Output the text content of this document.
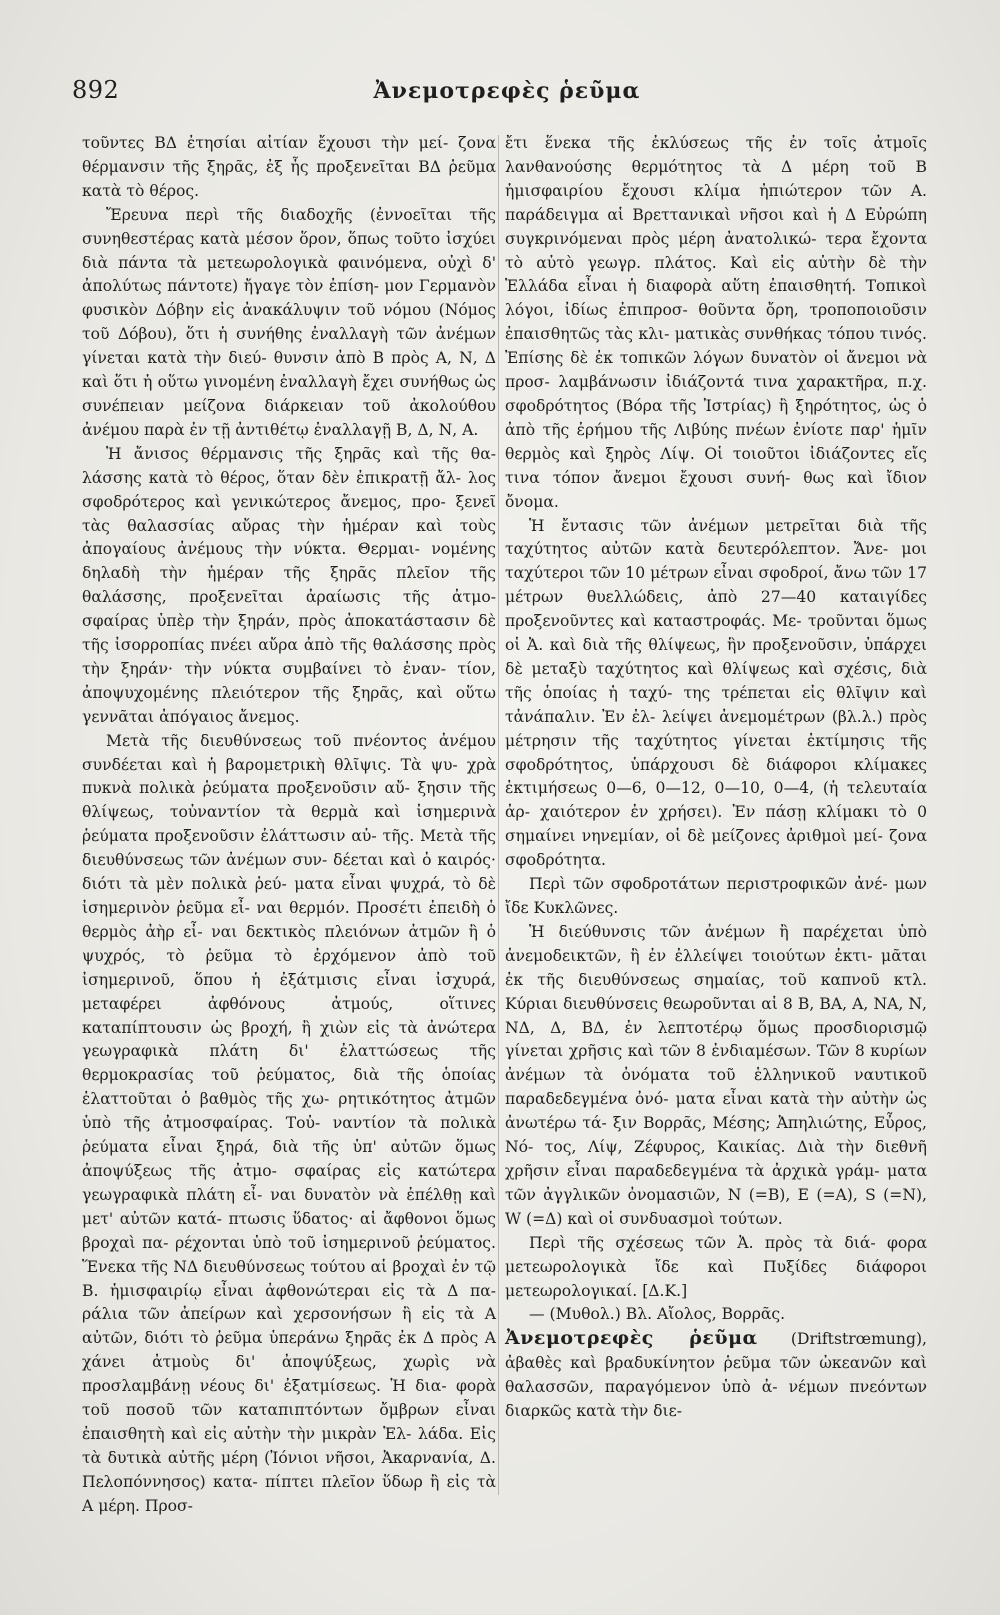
892	Ἀνεμοτρεφὲς ῥεῦμα

τοῦντες ΒΔ ἐτησίαι αἰτίαν ἔχουσι τὴν μεί- ζονα θέρμανσιν τῆς ξηρᾶς, ἐξ ἧς προξενεῖται ΒΔ ῥεῦμα κατὰ τὸ θέρος.

Ἔρευνα περὶ τῆς διαδοχῆς (ἐννοεῖται τῆς συνηθεστέρας κατὰ μέσον ὅρον, ὅπως τοῦτο ἰσχύει διὰ πάντα τὰ μετεωρολογικὰ φαινόμενα, οὐχὶ δ' ἀπολύτως πάντοτε) ἤγαγε τὸν ἐπίση- μον Γερμανὸν φυσικὸν Δόβην εἰς ἀνακάλυψιν τοῦ νόμου (Νόμος τοῦ Δόβου), ὅτι ἡ συνήθης ἐναλλαγὴ τῶν ἀνέμων γίνεται κατὰ τὴν διεύ- θυνσιν ἀπὸ Β πρὸς Α, Ν, Δ καὶ ὅτι ἡ οὕτω γινομένη ἐναλλαγὴ ἔχει συνήθως ὡς συνέπειαν μείζονα διάρκειαν τοῦ ἀκολούθου ἀνέμου παρὰ ἐν τῇ ἀντιθέτῳ ἐναλλαγῇ Β, Δ, Ν, Α.

Ἡ ἄνισος θέρμανσις τῆς ξηρᾶς καὶ τῆς θα- λάσσης κατὰ τὸ θέρος, ὅταν δὲν ἐπικρατῇ ἄλ- λος σφοδρότερος καὶ γενικώτερος ἄνεμος, προ- ξενεῖ τὰς θαλασσίας αὔρας τὴν ἡμέραν καὶ τοὺς ἀπογαίους ἀνέμους τὴν νύκτα. Θερμαι- νομένης δηλαδὴ τὴν ἡμέραν τῆς ξηρᾶς πλεῖον τῆς θαλάσσης, προξενεῖται ἀραίωσις τῆς ἀτμο- σφαίρας ὑπὲρ τὴν ξηράν, πρὸς ἀποκατάστασιν δὲ τῆς ἰσορροπίας πνέει αὔρα ἀπὸ τῆς θαλάσσης πρὸς τὴν ξηράν· τὴν νύκτα συμβαίνει τὸ ἐναν- τίον, ἀποψυχομένης πλειότερον τῆς ξηρᾶς, καὶ οὕτω γεννᾶται ἀπόγαιος ἄνεμος.

Μετὰ τῆς διευθύνσεως τοῦ πνέοντος ἀνέμου συνδέεται καὶ ἡ βαρομετρικὴ θλῖψις. Τὰ ψυ- χρὰ πυκνὰ πολικὰ ῥεύματα προξενοῦσιν αὔ- ξησιν τῆς θλίψεως, τοὐναντίον τὰ θερμὰ καὶ ἰσημερινὰ ῥεύματα προξενοῦσιν ἐλάττωσιν αὐ- τῆς. Μετὰ τῆς διευθύνσεως τῶν ἀνέμων συν- δέεται καὶ ὁ καιρός· διότι τὰ μὲν πολικὰ ῥεύ- ματα εἶναι ψυχρά, τὸ δὲ ἰσημερινὸν ῥεῦμα εἶ- ναι θερμόν. Προσέτι ἐπειδὴ ὁ θερμὸς ἀὴρ εἶ- ναι δεκτικὸς πλειόνων ἀτμῶν ἢ ὁ ψυχρός, τὸ ῥεῦμα τὸ ἐρχόμενον ἀπὸ τοῦ ἰσημερινοῦ, ὅπου ἡ ἐξάτμισις εἶναι ἰσχυρά, μεταφέρει ἀφθόνους ἀτμούς, οἵτινες καταπίπτουσιν ὡς βροχή, ἢ χιὼν εἰς τὰ ἀνώτερα γεωγραφικὰ πλάτη δι' ἐλαττώσεως τῆς θερμοκρασίας τοῦ ῥεύματος, διὰ τῆς ὁποίας ἐλαττοῦται ὁ βαθμὸς τῆς χω- ρητικότητος ἀτμῶν ὑπὸ τῆς ἀτμοσφαίρας. Τοὐ- ναντίον τὰ πολικὰ ῥεύματα εἶναι ξηρά, διὰ τῆς ὑπ' αὐτῶν ὅμως ἀποψύξεως τῆς ἀτμο- σφαίρας εἰς κατώτερα γεωγραφικὰ πλάτη εἶ- ναι δυνατὸν νὰ ἐπέλθῃ καὶ μετ' αὐτῶν κατά- πτωσις ὕδατος· αἱ ἄφθονοι ὅμως βροχαὶ πα- ρέχονται ὑπὸ τοῦ ἰσημερινοῦ ῥεύματος. Ἕνεκα τῆς ΝΔ διευθύνσεως τούτου αἱ βροχαὶ ἐν τῷ Β. ἡμισφαιρίῳ εἶναι ἀφθονώτεραι εἰς τὰ Δ πα- ράλια τῶν ἀπείρων καὶ χερσονήσων ἢ εἰς τὰ Α αὐτῶν, διότι τὸ ῥεῦμα ὑπεράνω ξηρᾶς ἐκ Δ πρὸς Α χάνει ἀτμοὺς δι' ἀποψύξεως, χωρὶς νὰ προσλαμβάνῃ νέους δι' ἐξατμίσεως. Ἡ δια- φορὰ τοῦ ποσοῦ τῶν καταπιπτόντων ὄμβρων εἶναι ἐπαισθητὴ καὶ εἰς αὐτὴν τὴν μικρὰν Ἑλ- λάδα. Εἰς τὰ δυτικὰ αὐτῆς μέρη (Ἰόνιοι νῆσοι, Ἀκαρνανία, Δ. Πελοπόννησος) κατα- πίπτει πλεῖον ὕδωρ ἢ εἰς τὰ Α μέρη. Προσ-

ἔτι ἕνεκα τῆς ἐκλύσεως τῆς ἐν τοῖς ἀτμοῖς λανθανούσης θερμότητος τὰ Δ μέρη τοῦ Β ἡμισφαιρίου ἔχουσι κλίμα ἠπιώτερον τῶν Α. παράδειγμα αἱ Βρεττανικαὶ νῆσοι καὶ ἡ Δ Εὐρώπη συγκρινόμεναι πρὸς μέρη ἀνατολικώ- τερα ἔχοντα τὸ αὐτὸ γεωγρ. πλάτος. Καὶ εἰς αὐτὴν δὲ τὴν Ἑλλάδα εἶναι ἡ διαφορὰ αὕτη ἐπαισθητή. Τοπικοὶ λόγοι, ἰδίως ἐπιπροσ- θοῦντα ὄρη, τροποποιοῦσιν ἐπαισθητῶς τὰς κλι- ματικὰς συνθήκας τόπου τινός. Ἐπίσης δὲ ἐκ τοπικῶν λόγων δυνατὸν οἱ ἄνεμοι νὰ προσ- λαμβάνωσιν ἰδιάζοντά τινα χαρακτῆρα, π.χ. σφοδρότητος (Βόρα τῆς Ἰστρίας) ἢ ξηρότητος, ὡς ὁ ἀπὸ τῆς ἐρήμου τῆς Λιβύης πνέων ἐνίοτε παρ' ἡμῖν θερμὸς καὶ ξηρὸς Λίψ. Οἱ τοιοῦτοι ἰδιάζοντες εἴς τινα τόπον ἄνεμοι ἔχουσι συνή- θως καὶ ἴδιον ὄνομα.

Ἡ ἔντασις τῶν ἀνέμων μετρεῖται διὰ τῆς ταχύτητος αὐτῶν κατὰ δευτερόλεπτον. Ἄνε- μοι ταχύτερoι τῶν 10 μέτρων εἶναι σφοδροί, ἄνω τῶν 17 μέτρων θυελλώδεις, ἀπὸ 27—40 καταιγίδες προξενοῦντες καὶ καταστροφάς. Με- τροῦνται ὅμως οἱ Ἀ. καὶ διὰ τῆς θλίψεως, ἣν προξενοῦσιν, ὑπάρχει δὲ μεταξὺ ταχύτητος καὶ θλίψεως καὶ σχέσις, διὰ τῆς ὁποίας ἡ ταχύ- της τρέπεται εἰς θλῖψιν καὶ τἀνάπαλιν. Ἐν ἐλ- λείψει ἀνεμομέτρων (βλ.λ.) πρὸς μέτρησιν τῆς ταχύτητος γίνεται ἐκτίμησις τῆς σφοδρότητος, ὑπάρχουσι δὲ διάφοροι κλίμακες ἐκτιμήσεως 0—6, 0—12, 0—10, 0—4, (ἡ τελευταία ἀρ- χαιότερον ἐν χρήσει). Ἐν πάσῃ κλίμακι τὸ 0 σημαίνει νηνεμίαν, οἱ δὲ μείζονες ἀριθμοὶ μεί- ζονα σφοδρότητα.

Περὶ τῶν σφοδροτάτων περιστροφικῶν ἀνέ- μων ἴδε Κυκλῶνες.

Ἡ διεύθυνσις τῶν ἀνέμων ἢ παρέχεται ὑπὸ ἀνεμοδεικτῶν, ἢ ἐν ἐλλείψει τοιούτων ἐκτι- μᾶται ἐκ τῆς διευθύνσεως σημαίας, τοῦ καπνοῦ κτλ. Κύριαι διευθύνσεις θεωροῦνται αἱ 8 Β, ΒΑ, Α, ΝΑ, Ν, ΝΔ, Δ, ΒΔ, ἐν λεπτοτέρῳ ὅμως προσδιορισμῷ γίνεται χρῆσις καὶ τῶν 8 ἐνδιαμέσων. Τῶν 8 κυρίων ἀνέμων τὰ ὀνόματα τοῦ ἑλληνικοῦ ναυτικοῦ παραδεδεγμένα ὀνό- ματα εἶναι κατὰ τὴν αὐτὴν ὡς ἀνωτέρω τά- ξιν Βορρᾶς, Μέσης; Ἀπηλιώτης, Εὖρος, Νό- τος, Λίψ, Ζέφυρος, Καικίας. Διὰ τὴν διεθνῆ χρῆσιν εἶναι παραδεδεγμένα τὰ ἀρχικὰ γράμ- ματα τῶν ἀγγλικῶν ὀνομασιῶν, N (=Β), E (=Α), S (=N), W (=Δ) καὶ οἱ συνδυασμοὶ τούτων.

Περὶ τῆς σχέσεως τῶν Ἀ. πρὸς τὰ διά- φορα μετεωρολογικὰ ἴδε καὶ Πυξίδες διάφοροι μετεωρολογικαί. [Δ.Κ.]

— (Μυθολ.) Βλ. Αἴολος, Βορρᾶς.

Ἀνεμοτρεφὲς ῥεῦμα (Driftstrœmung), ἀβαθὲς καὶ βραδυκίνητον ῥεῦμα τῶν ὠκεανῶν καὶ θαλασσῶν, παραγόμενον ὑπὸ ἀ- νέμων πνεόντων διαρκῶς κατὰ τὴν διε-
